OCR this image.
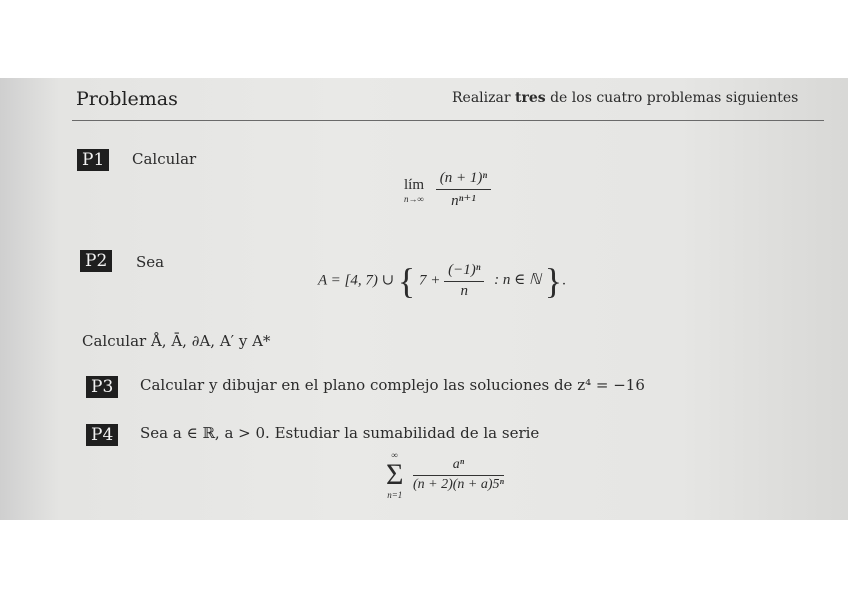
Problemas	Realizar tres de los cuatro problemas siguientes
P1	Calcular
lím
n→∞
$\frac{\text{(n + 1)ⁿ}}{\text{nⁿ⁺¹}}$
P2	Sea
A = [4, 7) ∪ { $7 + \frac{\text{(−1)ⁿ}}{n}$ : n ∈ ℕ }.
Calcular Å, Ā, ∂A, A′ y A*
P3	Calcular y dibujar en el plano complejo las soluciones de z⁴ = −16
P4	Sea a ∈ ℝ, a > 0. Estudiar la sumabilidad de la serie
∞
Σ
n=1

$\frac{\text{aⁿ}}{\text{(n + 2)(n + a)5ⁿ}}$
